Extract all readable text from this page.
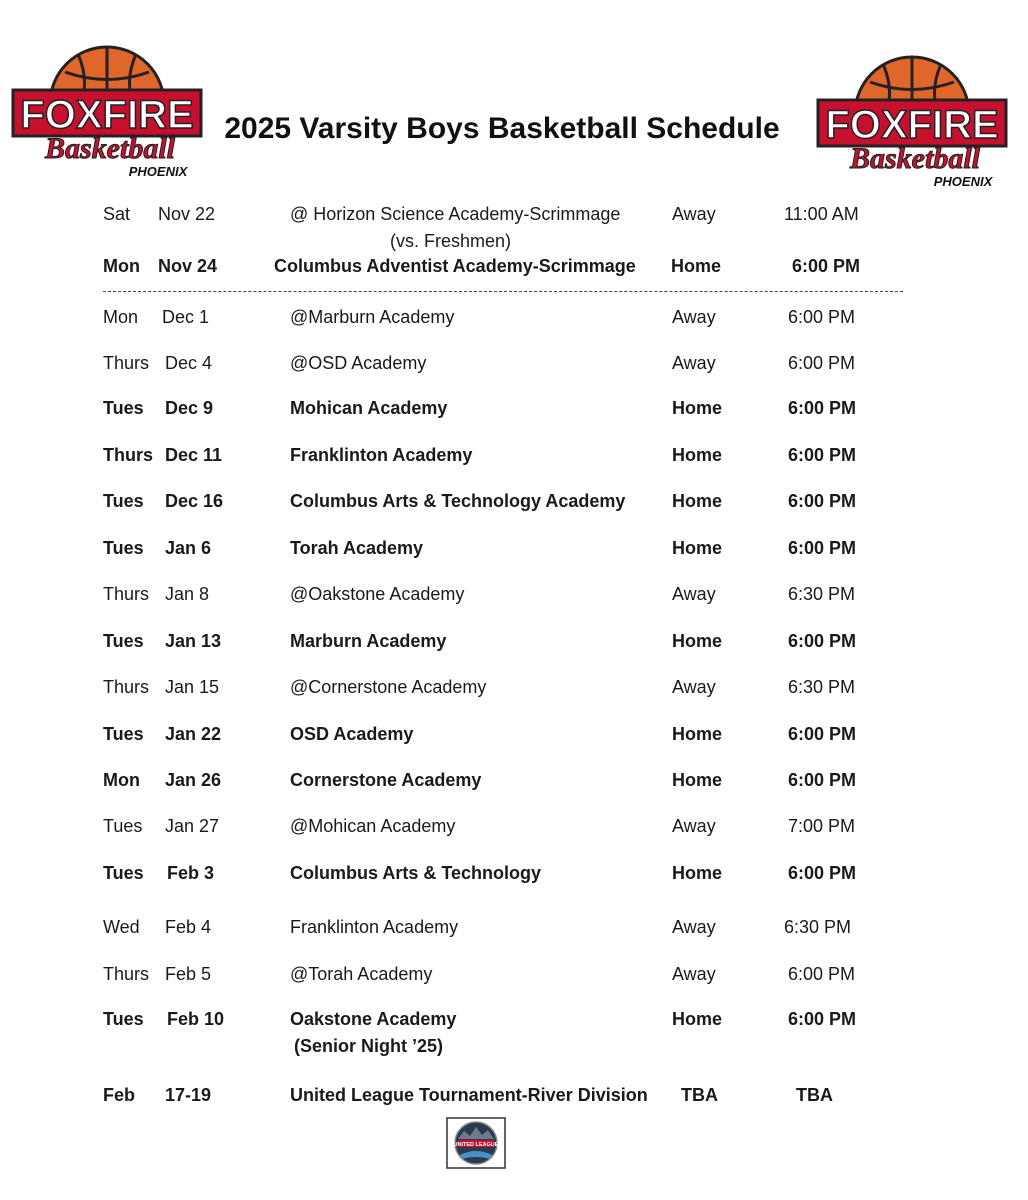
FOXFIRE
Basketball
PHOENIX
FOXFIRE
Basketball
PHOENIX
2025 Varsity Boys Basketball Schedule
Sat Nov 22	@ Horizon Science Academy-Scrimmage	Away	11:00 AM
(vs. Freshmen)
Mon Nov 24	Columbus Adventist Academy-Scrimmage Home	6:00 PM
Mon Dec 1	@Marburn Academy	Away	6:00 PM
Thurs Dec 4	@OSD Academy	Away	6:00 PM
Tues Dec 9	Mohican Academy	Home	6:00 PM
Thurs Dec 11	Franklinton Academy	Home	6:00 PM
Tues Dec 16	Columbus Arts & Technology Academy	Home	6:00 PM
Tues Jan 6	Torah Academy	Home	6:00 PM
Thurs Jan 8	@Oakstone Academy	Away	6:30 PM
Tues Jan 13	Marburn Academy	Home	6:00 PM
Thurs Jan 15	@Cornerstone Academy	Away	6:30 PM
Tues Jan 22	OSD Academy	Home	6:00 PM
Mon Jan 26	Cornerstone Academy	Home	6:00 PM
Tues Jan 27	@Mohican Academy	Away	7:00 PM
Tues Feb 3	Columbus Arts & Technology	Home	6:00 PM
Wed Feb 4	Franklinton Academy	Away	6:30 PM
Thurs Feb 5	@Torah Academy	Away	6:00 PM
Tues Feb 10	Oakstone Academy	Home	6:00 PM
(Senior Night ’25)
Feb 17-19	United League Tournament-River Division TBA	TBA
UNITED LEAGUE
